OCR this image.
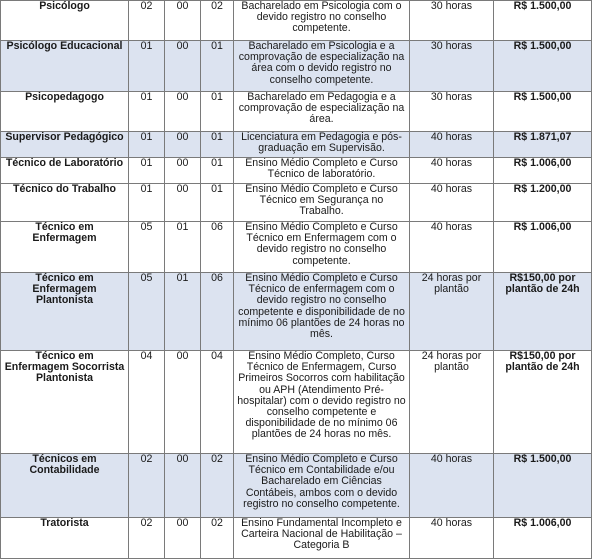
Psicólogo	02	00	02	Bacharelado em Psicologia com o devido registro no conselho competente.	30 horas	R$ 1.500,00
Psicólogo Educacional	01	00	01	Bacharelado em Psicologia e a comprovação de especialização na área com o devido registro no conselho competente.	30 horas	R$ 1.500,00
Psicopedagogo	01	00	01	Bacharelado em Pedagogia e a comprovação de especialização na área.	30 horas	R$ 1.500,00
Supervisor Pedagógico	01	00	01	Licenciatura em Pedagogia e pós-graduação em Supervisão.	40 horas	R$ 1.871,07
Técnico de Laboratório	01	00	01	Ensino Médio Completo e Curso Técnico de laboratório.	40 horas	R$ 1.006,00
Técnico do Trabalho	01	00	01	Ensino Médio Completo e Curso Técnico em Segurança no Trabalho.	40 horas	R$ 1.200,00
Técnico em Enfermagem	05	01	06	Ensino Médio Completo e Curso Técnico em Enfermagem com o devido registro no conselho competente.	40 horas	R$ 1.006,00
Técnico em Enfermagem Plantonista	05	01	06	Ensino Médio Completo e Curso Técnico de enfermagem com o devido registro no conselho competente e disponibilidade de no mínimo 06 plantões de 24 horas no mês.	24 horas por plantão	R$150,00 por plantão de 24h
Técnico em Enfermagem Socorrista Plantonista	04	00	04	Ensino Médio Completo, Curso Técnico de Enfermagem, Curso Primeiros Socorros com habilitação ou APH (Atendimento Pré-hospitalar) com o devido registro no conselho competente e disponibilidade de no mínimo 06 plantões de 24 horas no mês.	24 horas por plantão	R$150,00 por plantão de 24h
Técnicos em Contabilidade	02	00	02	Ensino Médio Completo e Curso Técnico em Contabilidade e/ou Bacharelado em Ciências Contábeis, ambos com o devido registro no conselho competente.	40 horas	R$ 1.500,00
Tratorista	02	00	02	Ensino Fundamental Incompleto e Carteira Nacional de Habilitação – Categoria B	40 horas	R$ 1.006,00
